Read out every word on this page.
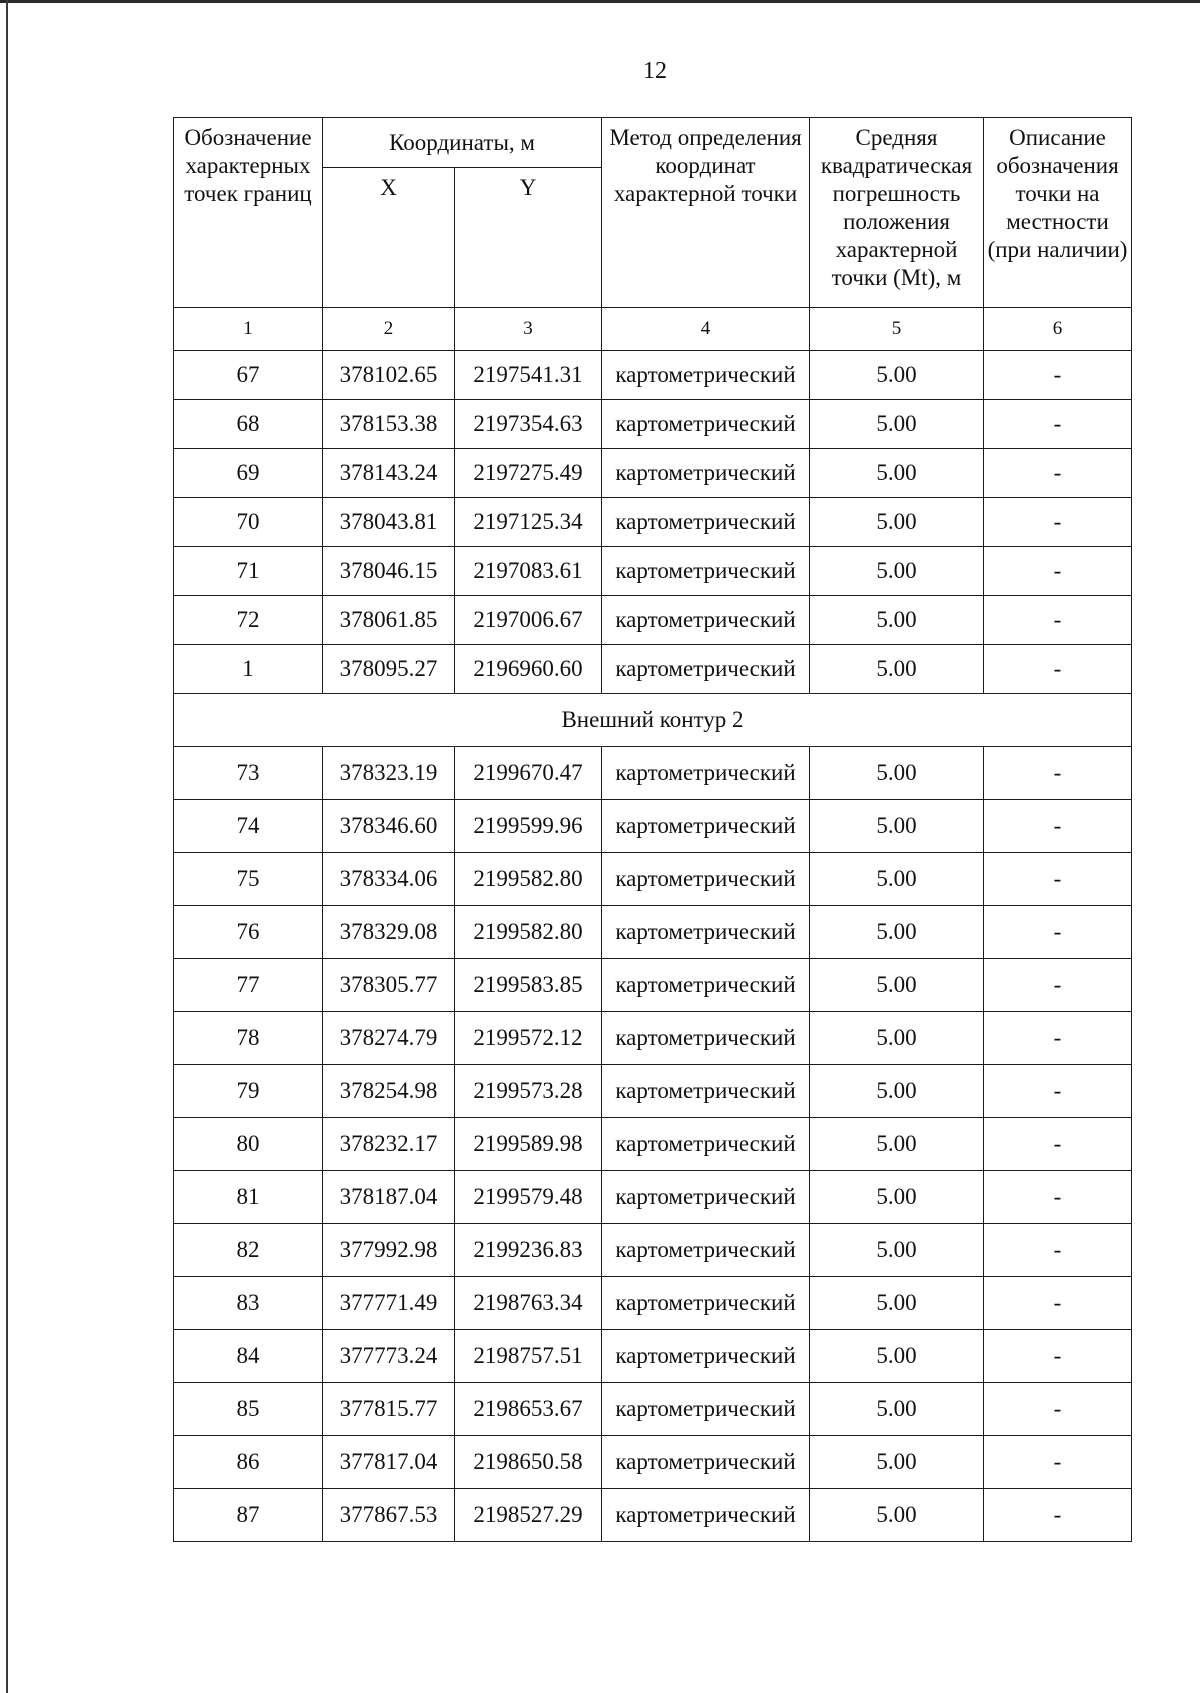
12
Обозначение характерных точек границ	Координаты, м		Метод определения координат характерной точки	Средняя квадратическая погрешность положения характерной точки (Mt), м	Описание обозначения точки на местности (при наличии)
	X	Y			
1	2	3	4	5	6
67	378102.65	2197541.31	картометрический	5.00	-
68	378153.38	2197354.63	картометрический	5.00	-
69	378143.24	2197275.49	картометрический	5.00	-
70	378043.81	2197125.34	картометрический	5.00	-
71	378046.15	2197083.61	картометрический	5.00	-
72	378061.85	2197006.67	картометрический	5.00	-
1	378095.27	2196960.60	картометрический	5.00	-
Внешний контур 2					
73	378323.19	2199670.47	картометрический	5.00	-
74	378346.60	2199599.96	картометрический	5.00	-
75	378334.06	2199582.80	картометрический	5.00	-
76	378329.08	2199582.80	картометрический	5.00	-
77	378305.77	2199583.85	картометрический	5.00	-
78	378274.79	2199572.12	картометрический	5.00	-
79	378254.98	2199573.28	картометрический	5.00	-
80	378232.17	2199589.98	картометрический	5.00	-
81	378187.04	2199579.48	картометрический	5.00	-
82	377992.98	2199236.83	картометрический	5.00	-
83	377771.49	2198763.34	картометрический	5.00	-
84	377773.24	2198757.51	картометрический	5.00	-
85	377815.77	2198653.67	картометрический	5.00	-
86	377817.04	2198650.58	картометрический	5.00	-
87	377867.53	2198527.29	картометрический	5.00	-
